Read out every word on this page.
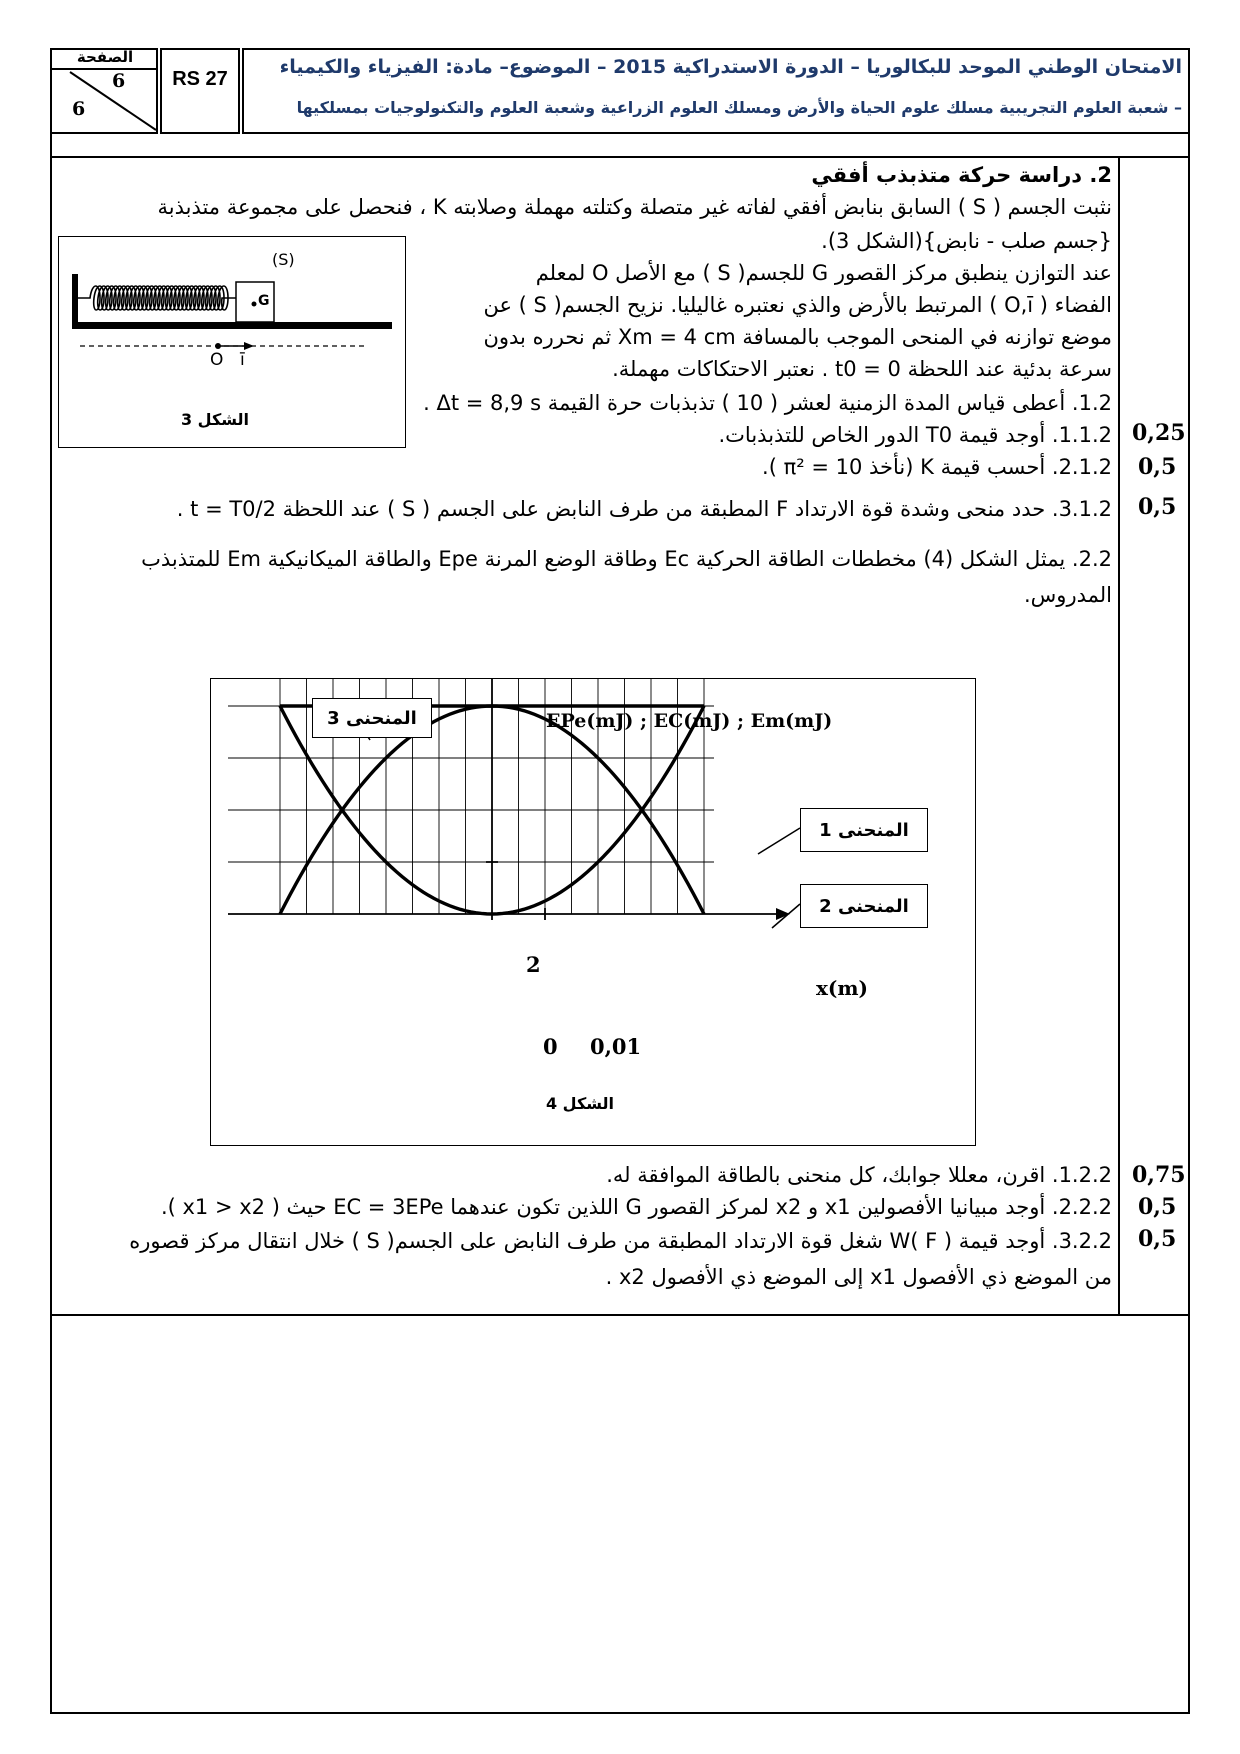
الصفحة
6
6
RS 27
الامتحان الوطني الموحد للبكالوريا – الدورة الاستدراكية 2015 – الموضوع– مادة: الفيزياء والكيمياء
– شعبة العلوم التجريبية مسلك علوم الحياة والأرض ومسلك العلوم الزراعية وشعبة العلوم والتكنولوجيات بمسلكيها
2. دراسة حركة متذبذب أفقي
نثبت الجسم ( S ) السابق بنابض أفقي لفاته غير متصلة وكتلته مهملة وصلابته K ، فنحصل على مجموعة متذبذبة
{جسم صلب - نابض}(الشكل 3).
عند التوازن ينطبق مركز القصور G للجسم( S ) مع الأصل O لمعلم
الفضاء ( O,ī ) المرتبط بالأرض والذي نعتبره غاليليا. نزيح الجسم( S ) عن
موضع توازنه في المنحى الموجب بالمسافة Xm = 4 cm ثم نحرره بدون
سرعة بدئية عند اللحظة t0 = 0 . نعتبر الاحتكاكات مهملة.
1.2. أعطى قياس المدة الزمنية لعشر ( 10 ) تذبذبات حرة القيمة Δt = 8,9 s .
1.1.2. أوجد قيمة T0 الدور الخاص للتذبذبات.
2.1.2. أحسب قيمة K (نأخذ π² = 10 ).
3.1.2. حدد منحى وشدة قوة الارتداد F المطبقة من طرف النابض على الجسم ( S ) عند اللحظة t = T0/2 .
2.2. يمثل الشكل (4) مخططات الطاقة الحركية Ec وطاقة الوضع المرنة Epe والطاقة الميكانيكية Em للمتذبذب
المدروس.
1.2.2. اقرن، معللا جوابك، كل منحنى بالطاقة الموافقة له.
2.2.2. أوجد مبيانيا الأفصولين x1 و x2 لمركز القصور G اللذين تكون عندهما EC = 3EPe حيث ( x1 > x2 ).
3.2.2. أوجد قيمة W( F ) شغل قوة الارتداد المطبقة من طرف النابض على الجسم( S ) خلال انتقال مركز قصوره
من الموضع ذي الأفصول x1 إلى الموضع ذي الأفصول x2 .
0,25
0,5
0,5
0,75
0,5
0,5
(S)
G
O ī
الشكل 3
EPe(mJ) ; EC(mJ) ; Em(mJ)
x(m)
2
0 0,01
المنحنى 3
المنحنى 1
المنحنى 2
الشكل 4
